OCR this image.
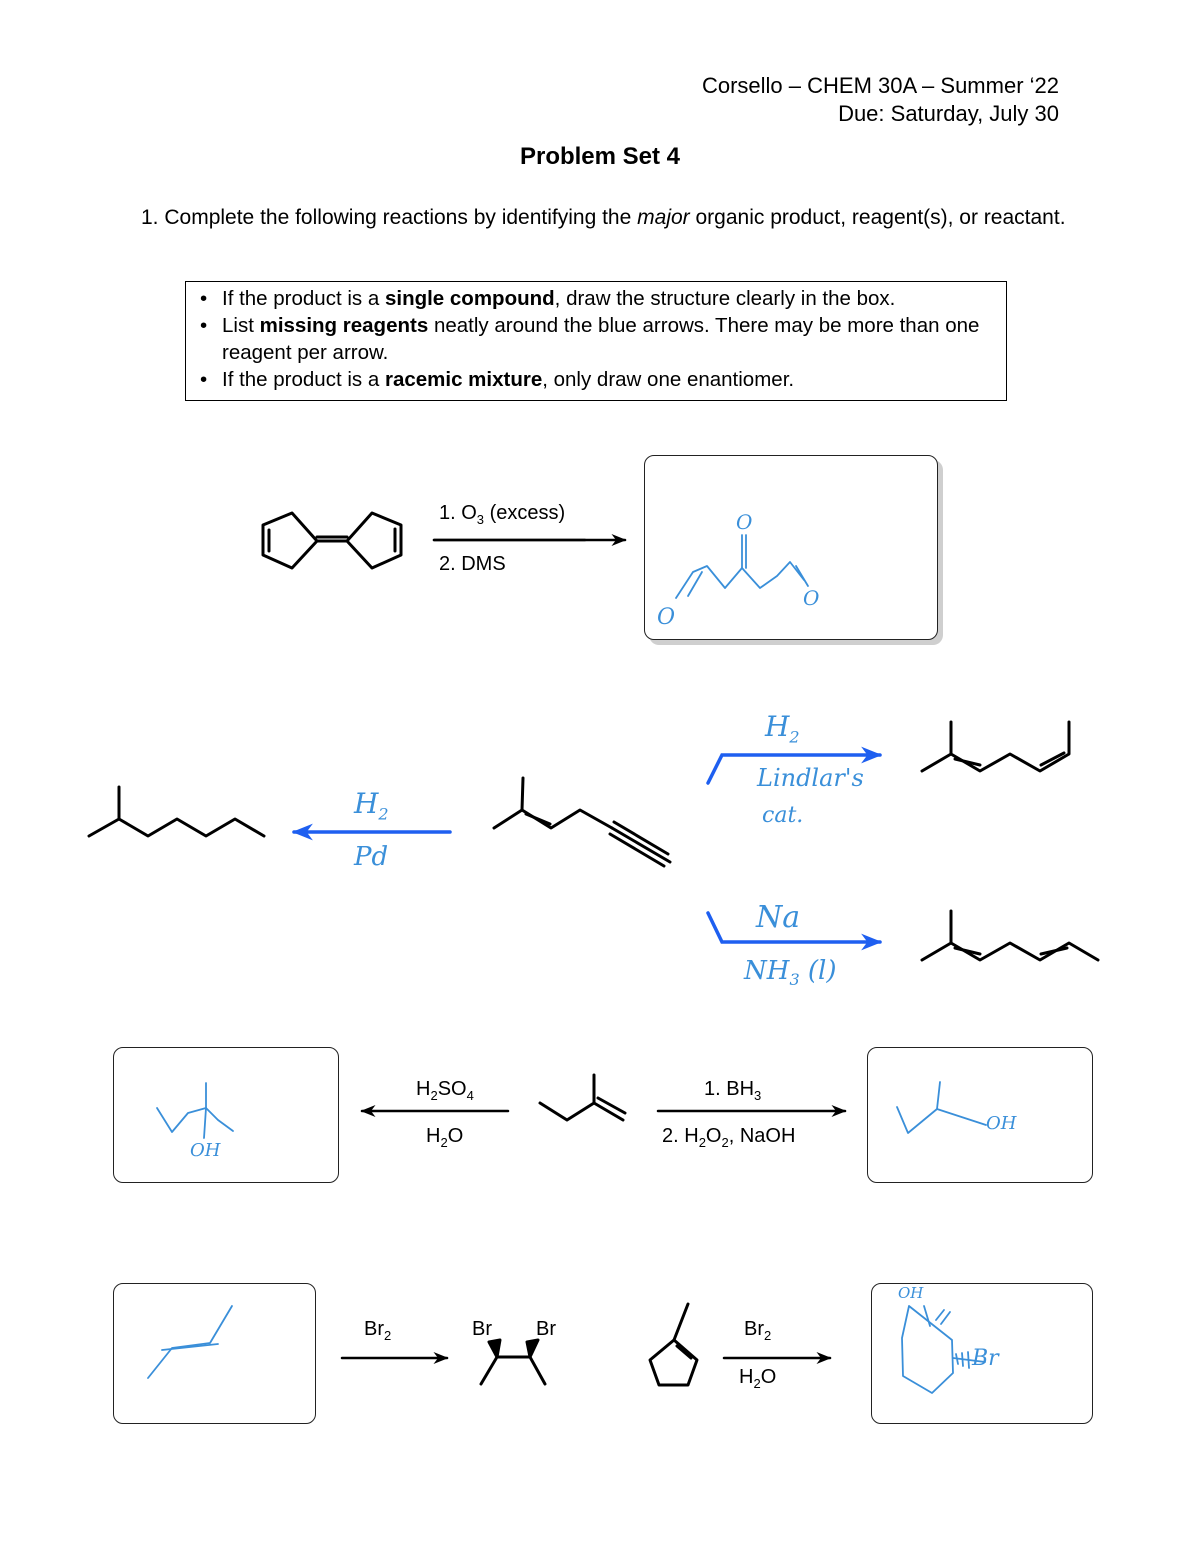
Corsello – CHEM 30A – Summer ‘22
Due: Saturday, July 30
Problem Set 4
1. Complete the following reactions by identifying the major organic product, reagent(s), or reactant.
• If the product is a single compound, draw the structure clearly in the box.
• List missing reagents neatly around the blue arrows. There may be more than one reagent per arrow.
• If the product is a racemic mixture, only draw one enantiomer.
1. $O_3$ (excess)
2. DMS
O
O
O
$H_2$
Pd
$H_2$
Lindlar's
cat.
Na
$NH_3$ (l)
$H_2SO_4$
$H_2O$
1. $BH_3$
2. $H_2O_2$, NaOH
OH
OH
$Br_2$	Br Br	$Br_2$
$H_2O$
OH
Br
